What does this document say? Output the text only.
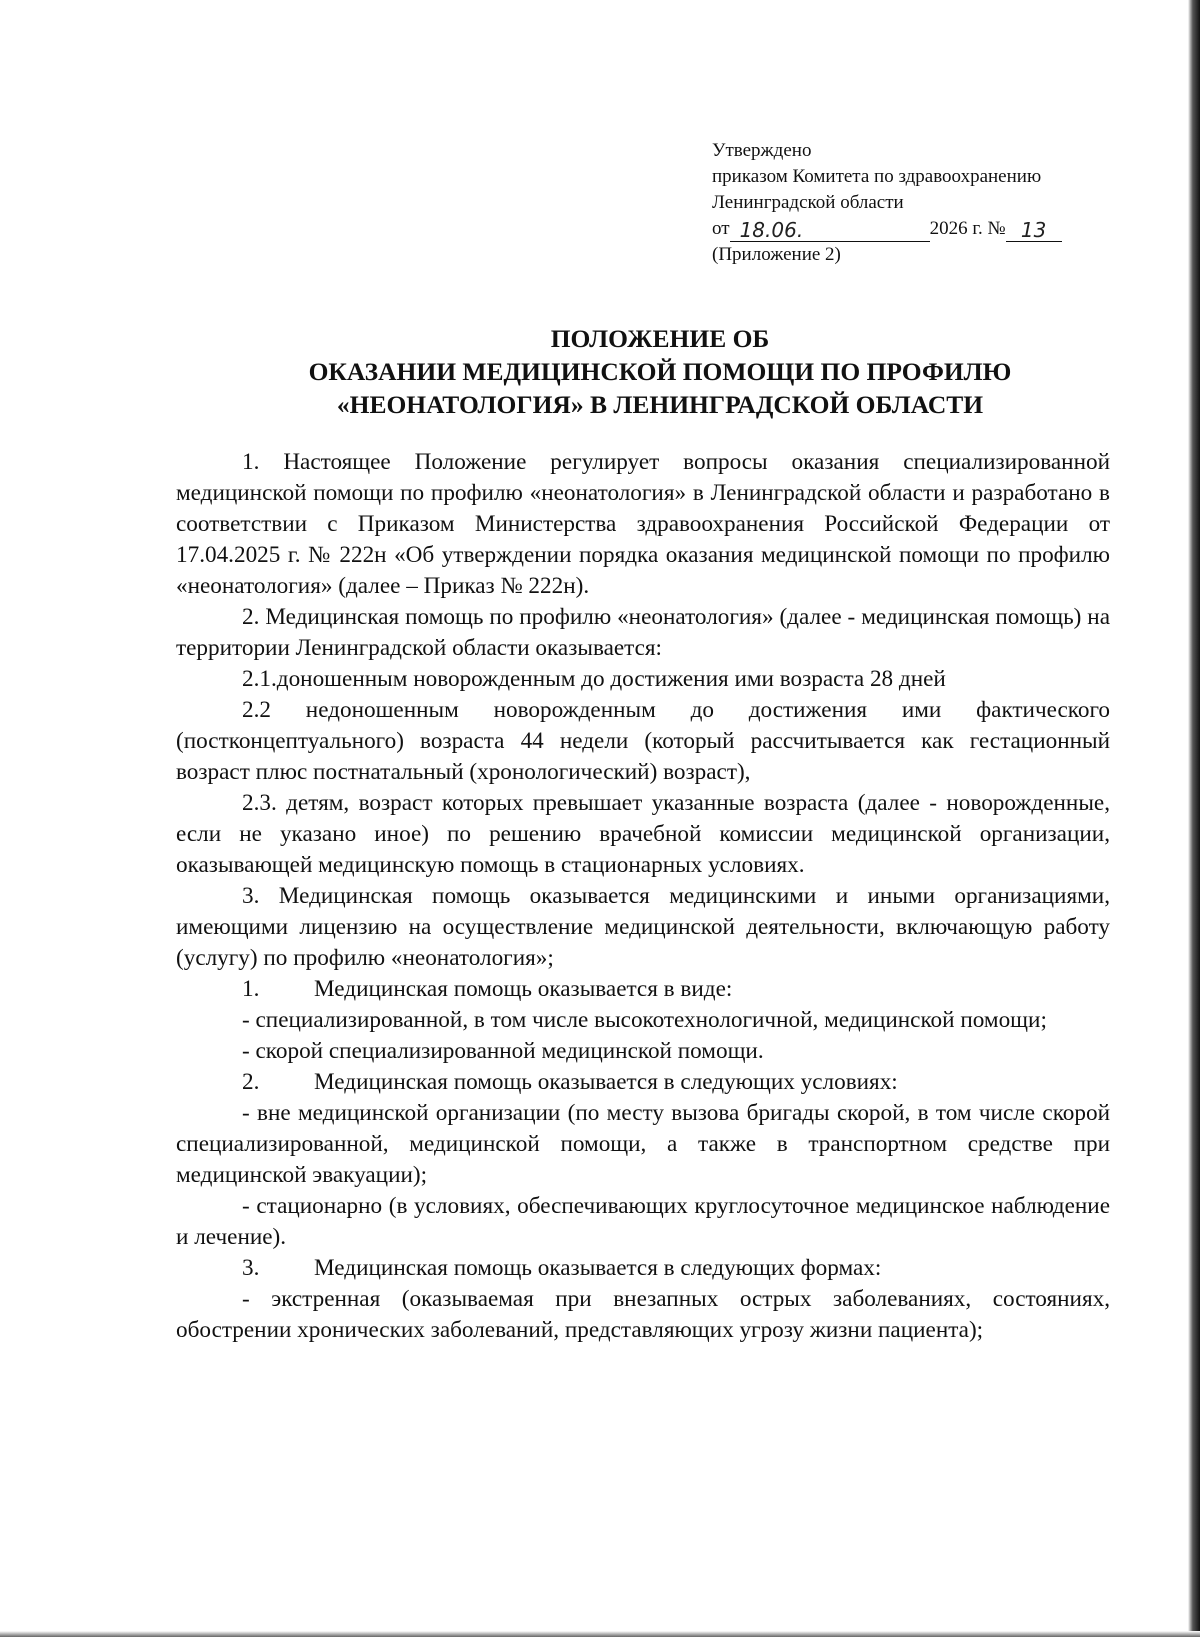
Утверждено
приказом Комитета по здравоохранению
Ленинградской области
от 18.06.	2026 г. № 13
(Приложение 2)
ПОЛОЖЕНИЕ ОБ
ОКАЗАНИИ МЕДИЦИНСКОЙ ПОМОЩИ ПО ПРОФИЛЮ
«НЕОНАТОЛОГИЯ» В ЛЕНИНГРАДСКОЙ ОБЛАСТИ

1. Настоящее Положение регулирует вопросы оказания специализированной медицинской помощи по профилю «неонатология» в Ленинградской области и разработано в соответствии с Приказом Министерства здравоохранения Российской Федерации от 17.04.2025 г. № 222н «Об утверждении порядка оказания медицинской помощи по профилю «неонатология» (далее – Приказ № 222н).

2. Медицинская помощь по профилю «неонатология» (далее - медицинская помощь) на территории Ленинградской области оказывается:

2.1.доношенным новорожденным до достижения ими возраста 28 дней

2.2 недоношенным новорожденным до достижения ими фактического (постконцептуального) возраста 44 недели (который рассчитывается как гестационный возраст плюс постнатальный (хронологический) возраст),

2.3. детям, возраст которых превышает указанные возраста (далее - новорожденные, если не указано иное) по решению врачебной комиссии медицинской организации, оказывающей медицинскую помощь в стационарных условиях.

3. Медицинская помощь оказывается медицинскими и иными организациями, имеющими лицензию на осуществление медицинской деятельности, включающую работу (услугу) по профилю «неонатология»;

1. Медицинская помощь оказывается в виде:

- специализированной, в том числе высокотехнологичной, медицинской помощи;

- скорой специализированной медицинской помощи.

2. Медицинская помощь оказывается в следующих условиях:

- вне медицинской организации (по месту вызова бригады скорой, в том числе скорой специализированной, медицинской помощи, а также в транспортном средстве при медицинской эвакуации);

- стационарно (в условиях, обеспечивающих круглосуточное медицинское наблюдение и лечение).

3. Медицинская помощь оказывается в следующих формах:

- экстренная (оказываемая при внезапных острых заболеваниях, состояниях, обострении хронических заболеваний, представляющих угрозу жизни пациента);
